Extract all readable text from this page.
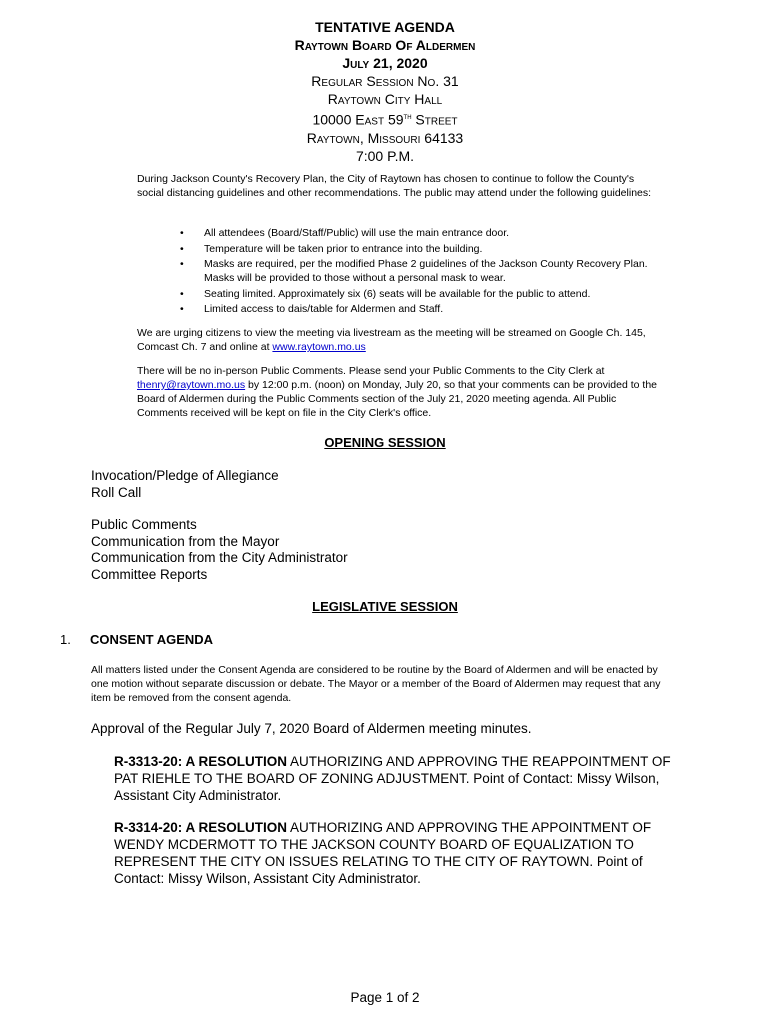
TENTATIVE AGENDA
Raytown Board Of Aldermen
July 21, 2020
Regular Session No. 31
Raytown City Hall
10000 East 59th Street
Raytown, Missouri 64133
7:00 P.M.

During Jackson County's Recovery Plan, the City of Raytown has chosen to continue to follow the County's social distancing guidelines and other recommendations. The public may attend under the following guidelines:

• All attendees (Board/Staff/Public) will use the main entrance door.
• Temperature will be taken prior to entrance into the building.
• Masks are required, per the modified Phase 2 guidelines of the Jackson County Recovery Plan. Masks will be provided to those without a personal mask to wear.
• Seating limited. Approximately six (6) seats will be available for the public to attend.
• Limited access to dais/table for Aldermen and Staff.

We are urging citizens to view the meeting via livestream as the meeting will be streamed on Google Ch. 145, Comcast Ch. 7 and online at www.raytown.mo.us

There will be no in-person Public Comments. Please send your Public Comments to the City Clerk at thenry@raytown.mo.us by 12:00 p.m. (noon) on Monday, July 20, so that your comments can be provided to the Board of Aldermen during the Public Comments section of the July 21, 2020 meeting agenda. All Public Comments received will be kept on file in the City Clerk's office.

OPENING SESSION
Invocation/Pledge of Allegiance
Roll Call
Public Comments
Communication from the Mayor
Communication from the City Administrator
Committee Reports
LEGISLATIVE SESSION
1. CONSENT AGENDA
All matters listed under the Consent Agenda are considered to be routine by the Board of Aldermen and will be enacted by one motion without separate discussion or debate. The Mayor or a member of the Board of Aldermen may request that any item be removed from the consent agenda.
Approval of the Regular July 7, 2020 Board of Aldermen meeting minutes.
R-3313-20: A RESOLUTION AUTHORIZING AND APPROVING THE REAPPOINTMENT OF PAT RIEHLE TO THE BOARD OF ZONING ADJUSTMENT. Point of Contact: Missy Wilson, Assistant City Administrator.
R-3314-20: A RESOLUTION AUTHORIZING AND APPROVING THE APPOINTMENT OF WENDY MCDERMOTT TO THE JACKSON COUNTY BOARD OF EQUALIZATION TO REPRESENT THE CITY ON ISSUES RELATING TO THE CITY OF RAYTOWN. Point of Contact: Missy Wilson, Assistant City Administrator.
Page 1 of 2
